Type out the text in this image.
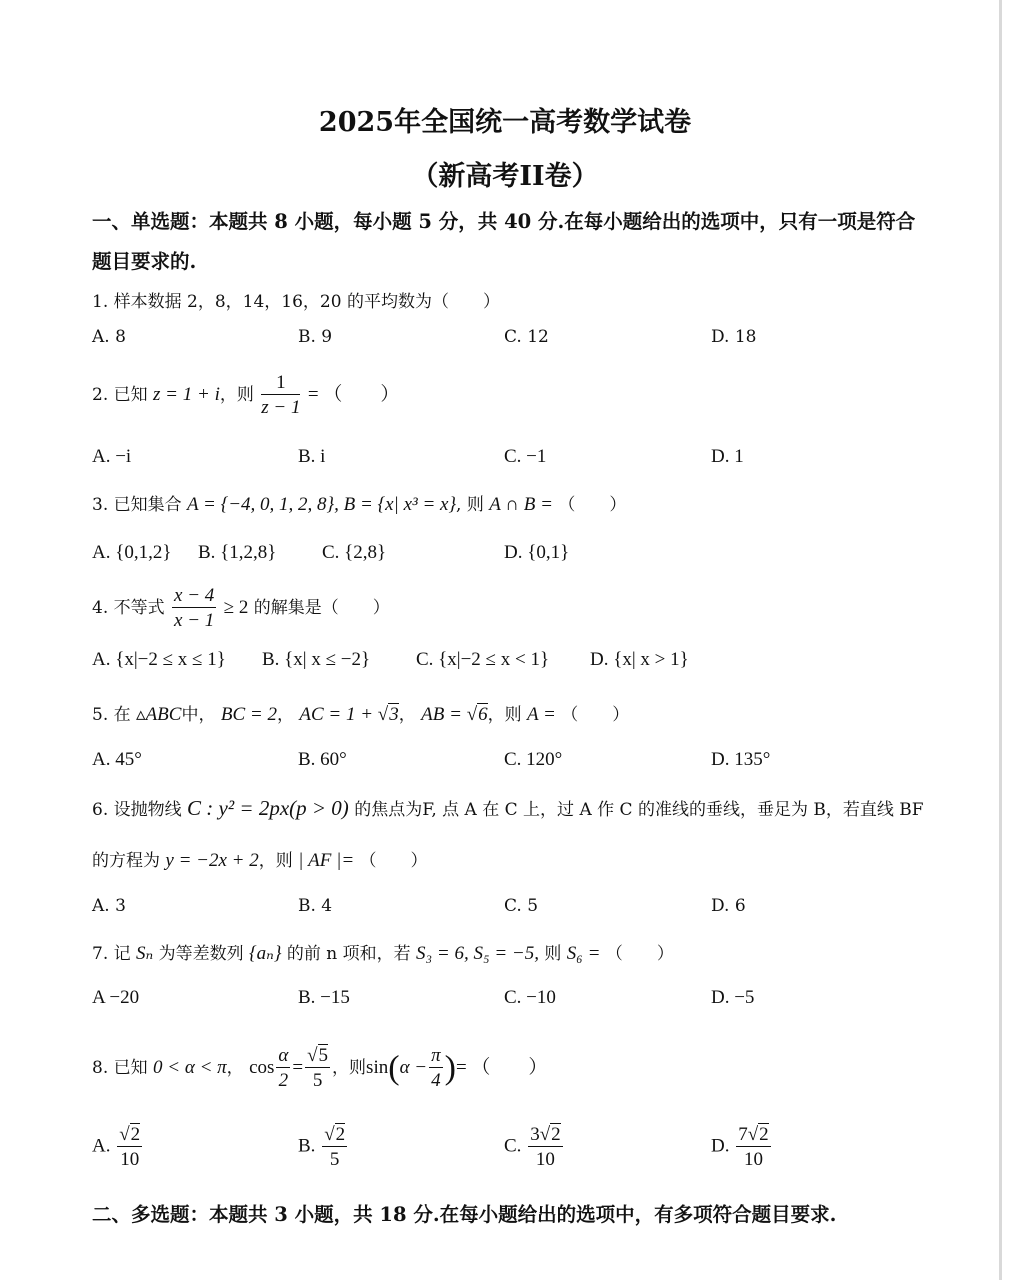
2025年全国统一高考数学试卷
（新高考II卷）
一、单选题：本题共 8 小题，每小题 5 分，共 40 分.在每小题给出的选项中，只有一项是符合
题目要求的.
1. 样本数据 2，8，14，16，20 的平均数为（　　）
A. 8	B. 9	C. 12	D. 18
2. 已知 z = 1 + i，则 $\frac{1}{z - 1}$ = （　　）
A. −i	B. i	C. −1	D. 1
3. 已知集合 A = {−4, 0, 1, 2, 8}, B = {x| x³ = x}, 则 A ∩ B = （　　）
A. {0,1,2} B. {1,2,8} C. {2,8}	D. {0,1}
4. 不等式 $\frac{x - 4}{x - 1} \ge 2$ 的解集是（　　）
A. {x|−2 ≤ x ≤ 1} B. {x| x ≤ −2} C. {x|−2 ≤ x < 1} D. {x| x > 1}
5. 在 ▵ABC中， BC = 2， AC = 1 + √3， AB = √6，则 A = （　　）
A. 45°	B. 60°	C. 120°	D. 135°
6. 设抛物线 C : y² = 2px(p > 0) 的焦点为F, 点 A 在 C 上，过 A 作 C 的准线的垂线，垂足为 B，若直线 BF
的方程为 y = −2x + 2，则 | AF |= （　　）
A. 3	B. 4	C. 5	D. 6
7. 记 Sₙ 为等差数列 {aₙ} 的前 n 项和，若 S₃ = 6, S₅ = −5, 则 S₆ = （　　）
A −20	B. −15	C. −10	D. −5
8. 已知 0 < α < π， $\cos \frac{\alpha}{2} = \frac{√5}{5}$ ，则$\sin(\alpha - \frac{\pi}{4}$ )= （　　）
A. $\frac{√2}{10}$	B. $\frac{√2}{5}$	C. $\frac{3√2}{10}$	D. $\frac{7√2}{10}$
二、多选题：本题共 3 小题，共 18 分.在每小题给出的选项中，有多项符合题目要求.
